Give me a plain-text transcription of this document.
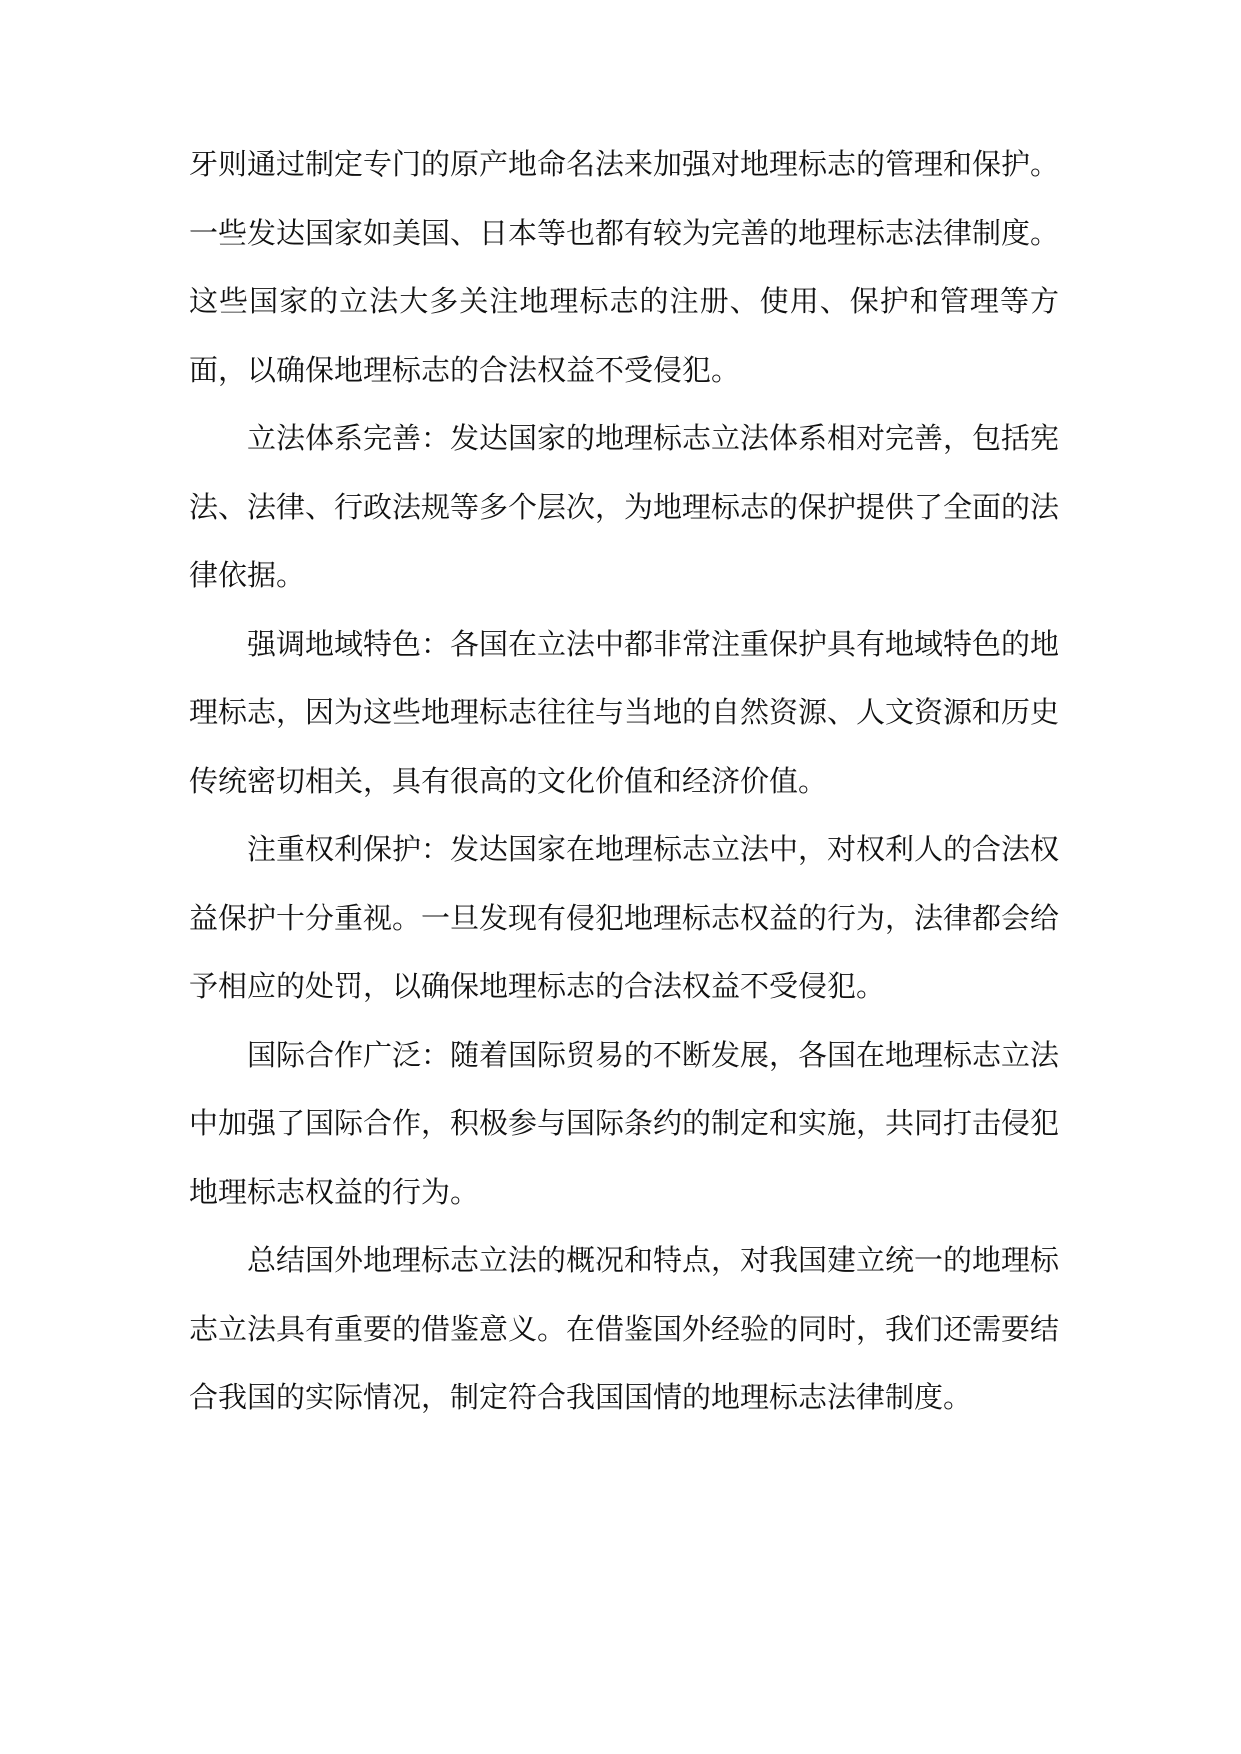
牙则通过制定专门的原产地命名法来加强对地理标志的管理和保护。一些发达国家如美国、日本等也都有较为完善的地理标志法律制度。这些国家的立法大多关注地理标志的注册、使用、保护和管理等方面，以确保地理标志的合法权益不受侵犯。

立法体系完善：发达国家的地理标志立法体系相对完善，包括宪法、法律、行政法规等多个层次，为地理标志的保护提供了全面的法律依据。

强调地域特色：各国在立法中都非常注重保护具有地域特色的地理标志，因为这些地理标志往往与当地的自然资源、人文资源和历史传统密切相关，具有很高的文化价值和经济价值。

注重权利保护：发达国家在地理标志立法中，对权利人的合法权益保护十分重视。一旦发现有侵犯地理标志权益的行为，法律都会给予相应的处罚，以确保地理标志的合法权益不受侵犯。

国际合作广泛：随着国际贸易的不断发展，各国在地理标志立法中加强了国际合作，积极参与国际条约的制定和实施，共同打击侵犯地理标志权益的行为。

总结国外地理标志立法的概况和特点，对我国建立统一的地理标志立法具有重要的借鉴意义。在借鉴国外经验的同时，我们还需要结合我国的实际情况，制定符合我国国情的地理标志法律制度。
